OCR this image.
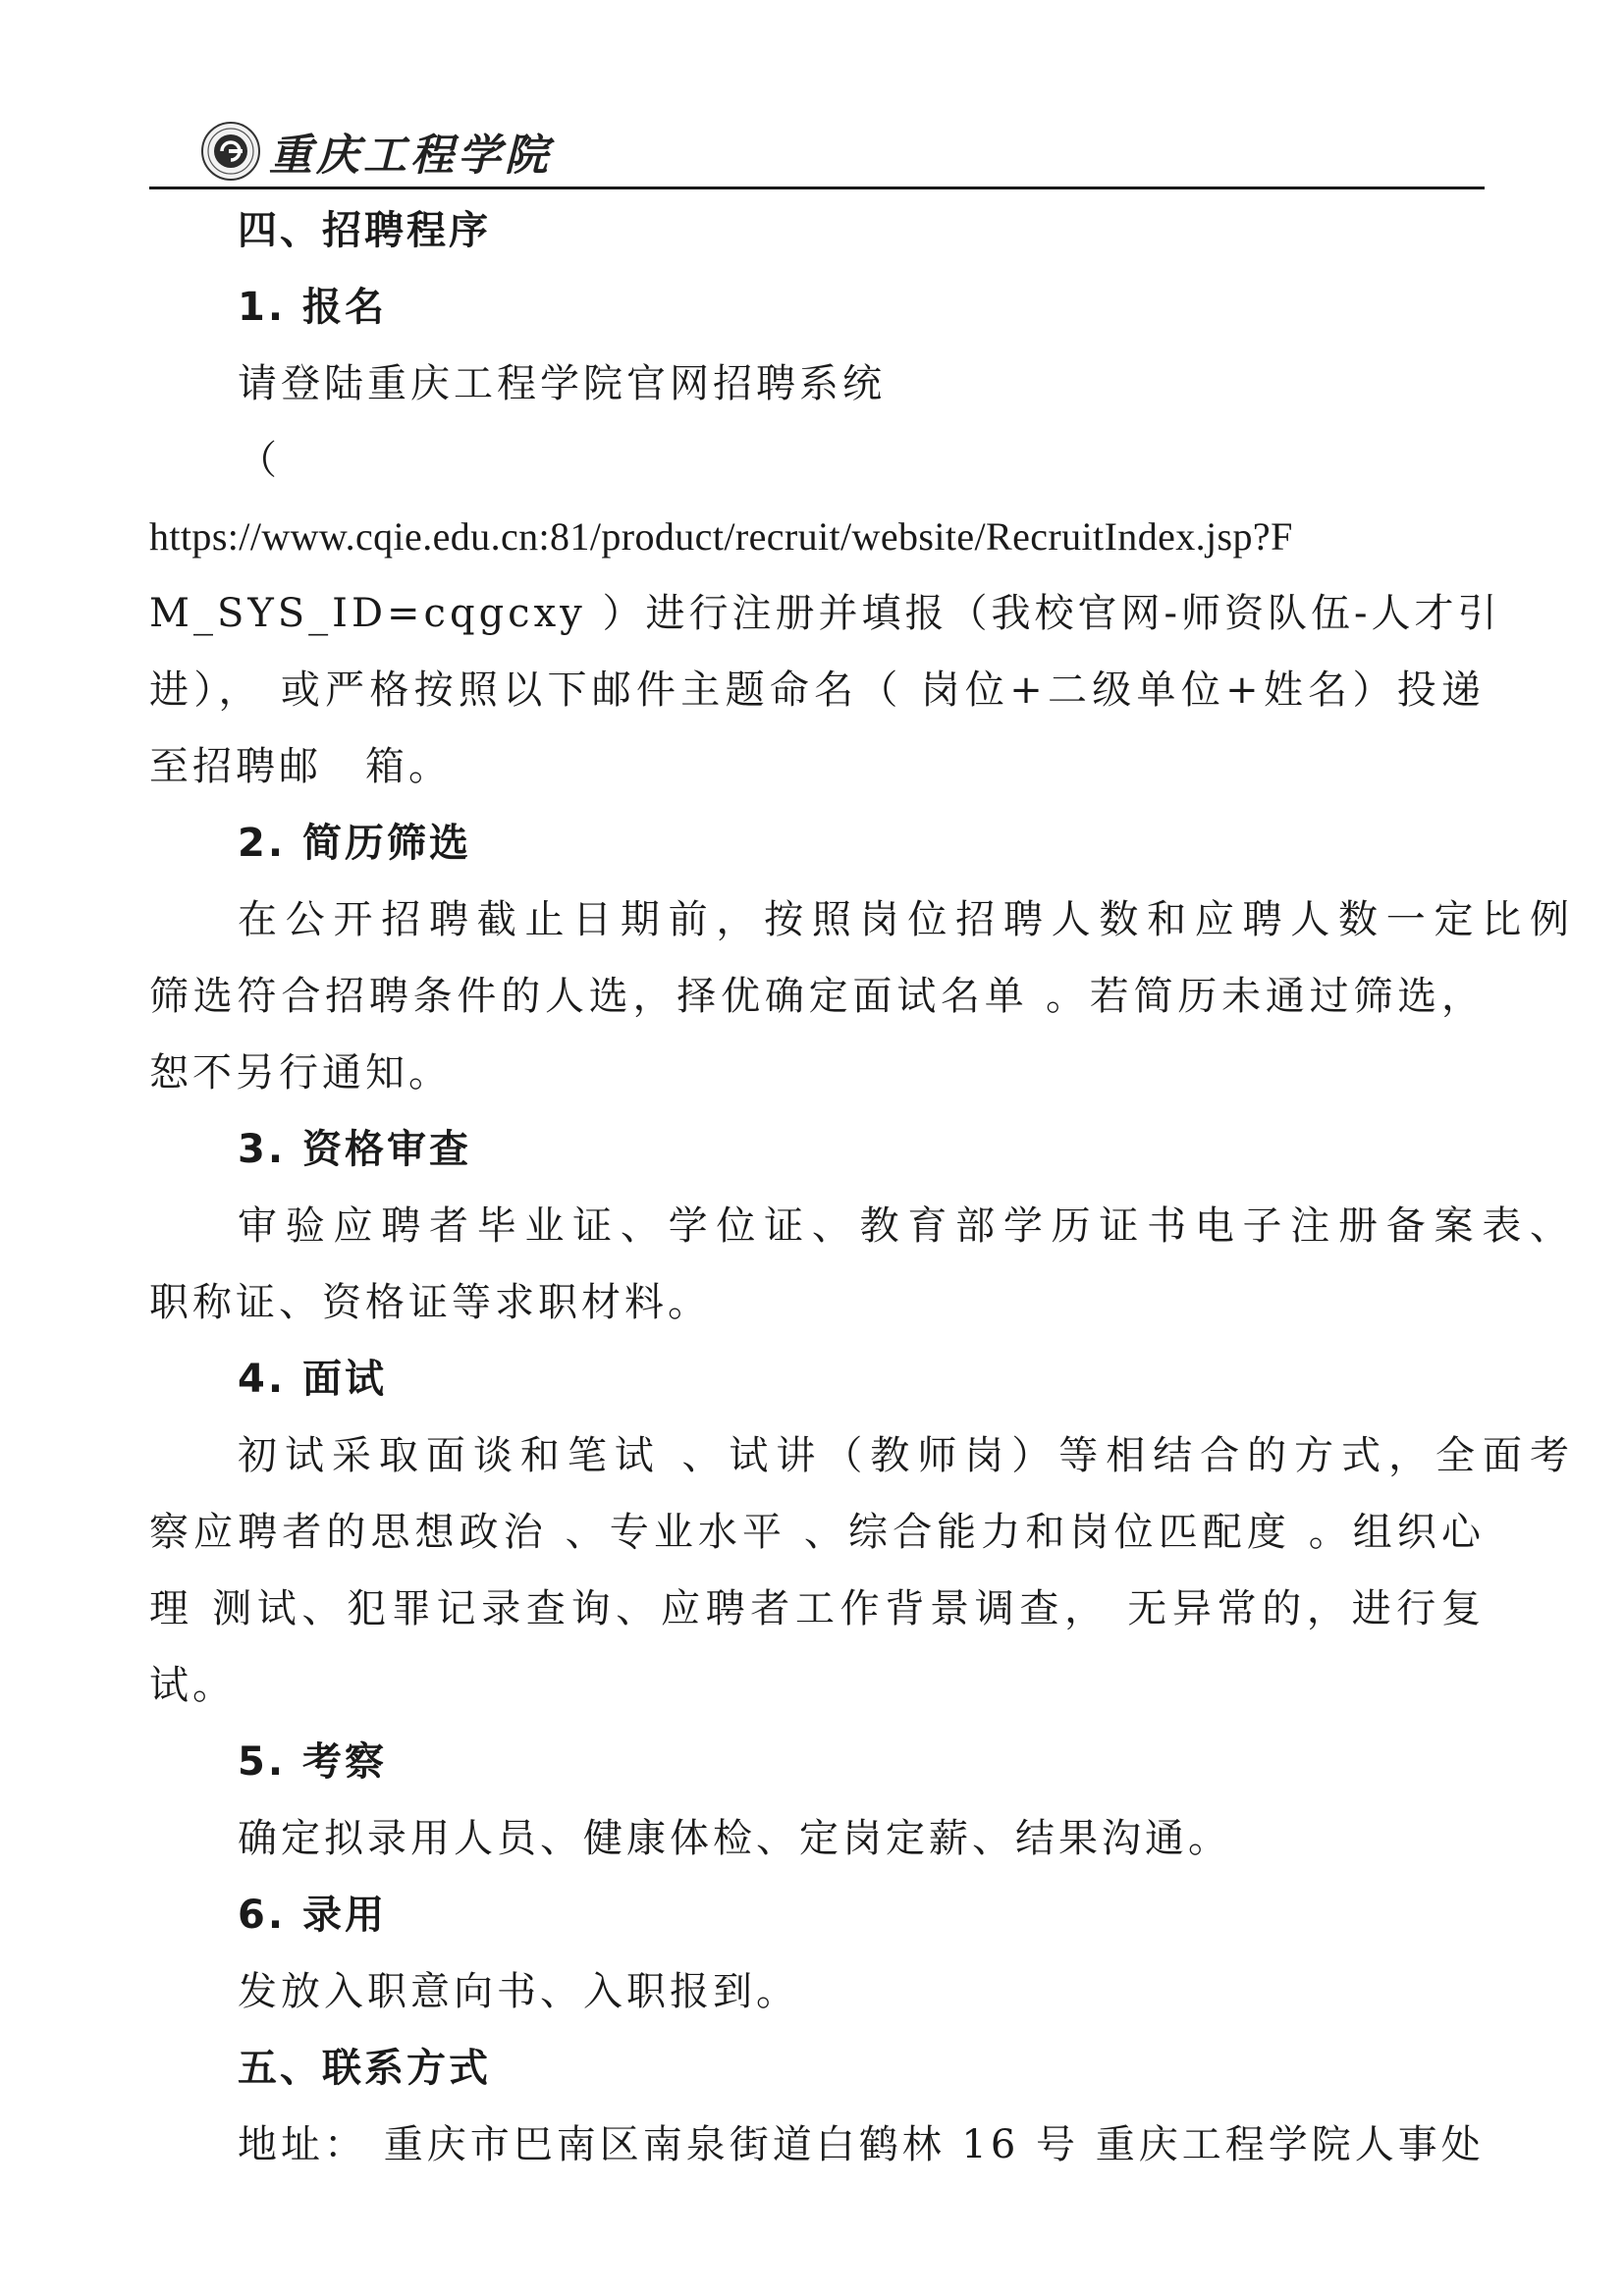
重庆工程学院
四、招聘程序
1. 报名
请登陆重庆工程学院官网招聘系统
（
https://www.cqie.edu.cn:81/product/recruit/website/RecruitIndex.jsp?F
M_SYS_ID=cqgcxy ）进行注册并填报（我校官网-师资队伍-人才引
进）， 或严格按照以下邮件主题命名（ 岗位+二级单位+姓名）投递
至招聘邮　箱。
2. 简历筛选
在公开招聘截止日期前，按照岗位招聘人数和应聘人数一定比例
筛选符合招聘条件的人选，择优确定面试名单 。若简历未通过筛选，
恕不另行通知。
3. 资格审查
审验应聘者毕业证、学位证、教育部学历证书电子注册备案表、
职称证、资格证等求职材料。
4. 面试
初试采取面谈和笔试 、试讲（教师岗）等相结合的方式，全面考
察应聘者的思想政治 、专业水平 、综合能力和岗位匹配度 。组织心
理 测试、犯罪记录查询、应聘者工作背景调查， 无异常的，进行复
试。
5. 考察
确定拟录用人员、健康体检、定岗定薪、结果沟通。
6. 录用
发放入职意向书、入职报到。
五、联系方式
地址： 重庆市巴南区南泉街道白鹤林 16 号 重庆工程学院人事处
